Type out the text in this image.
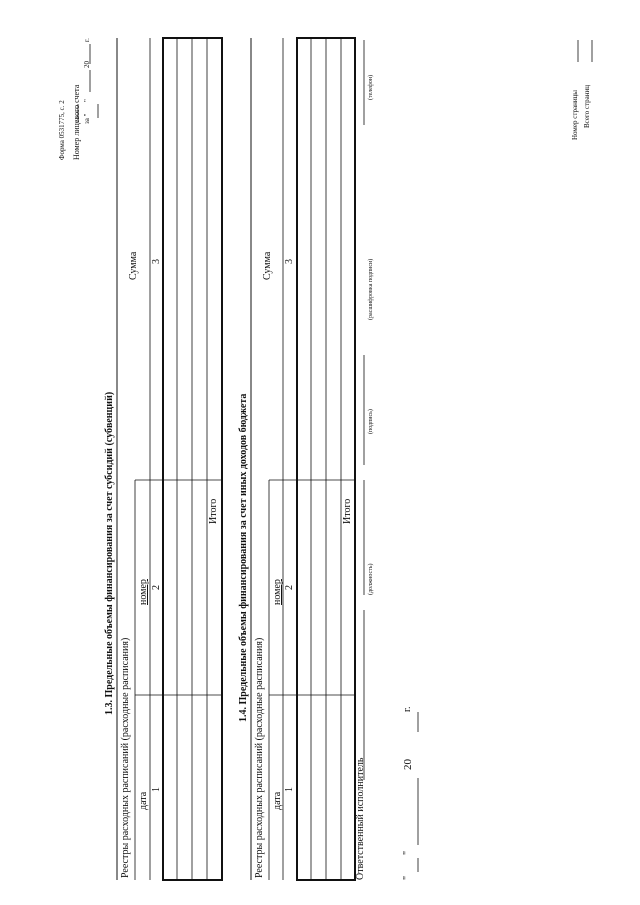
Форма 0531775, с. 2 Номер лицевого счета за "
"
20
г.
1.3. Предельные объемы финансирования за счет субсидий (субвенций)
Реестры расходных расписаний (расходные расписания) дата
номер
Сумма
1
2
3
Итого 1.4. Предельные объемы финансирования за счет иных доходов бюджета
Реестры расходных расписаний (расходные расписания) дата
номер
Сумма
1
2
3
Итого
Ответственный исполнитель
(должность)
(подпись)
(расшифровка подписи)
(телефон)
"
"
20
г.
Номер страницы Всего страниц
